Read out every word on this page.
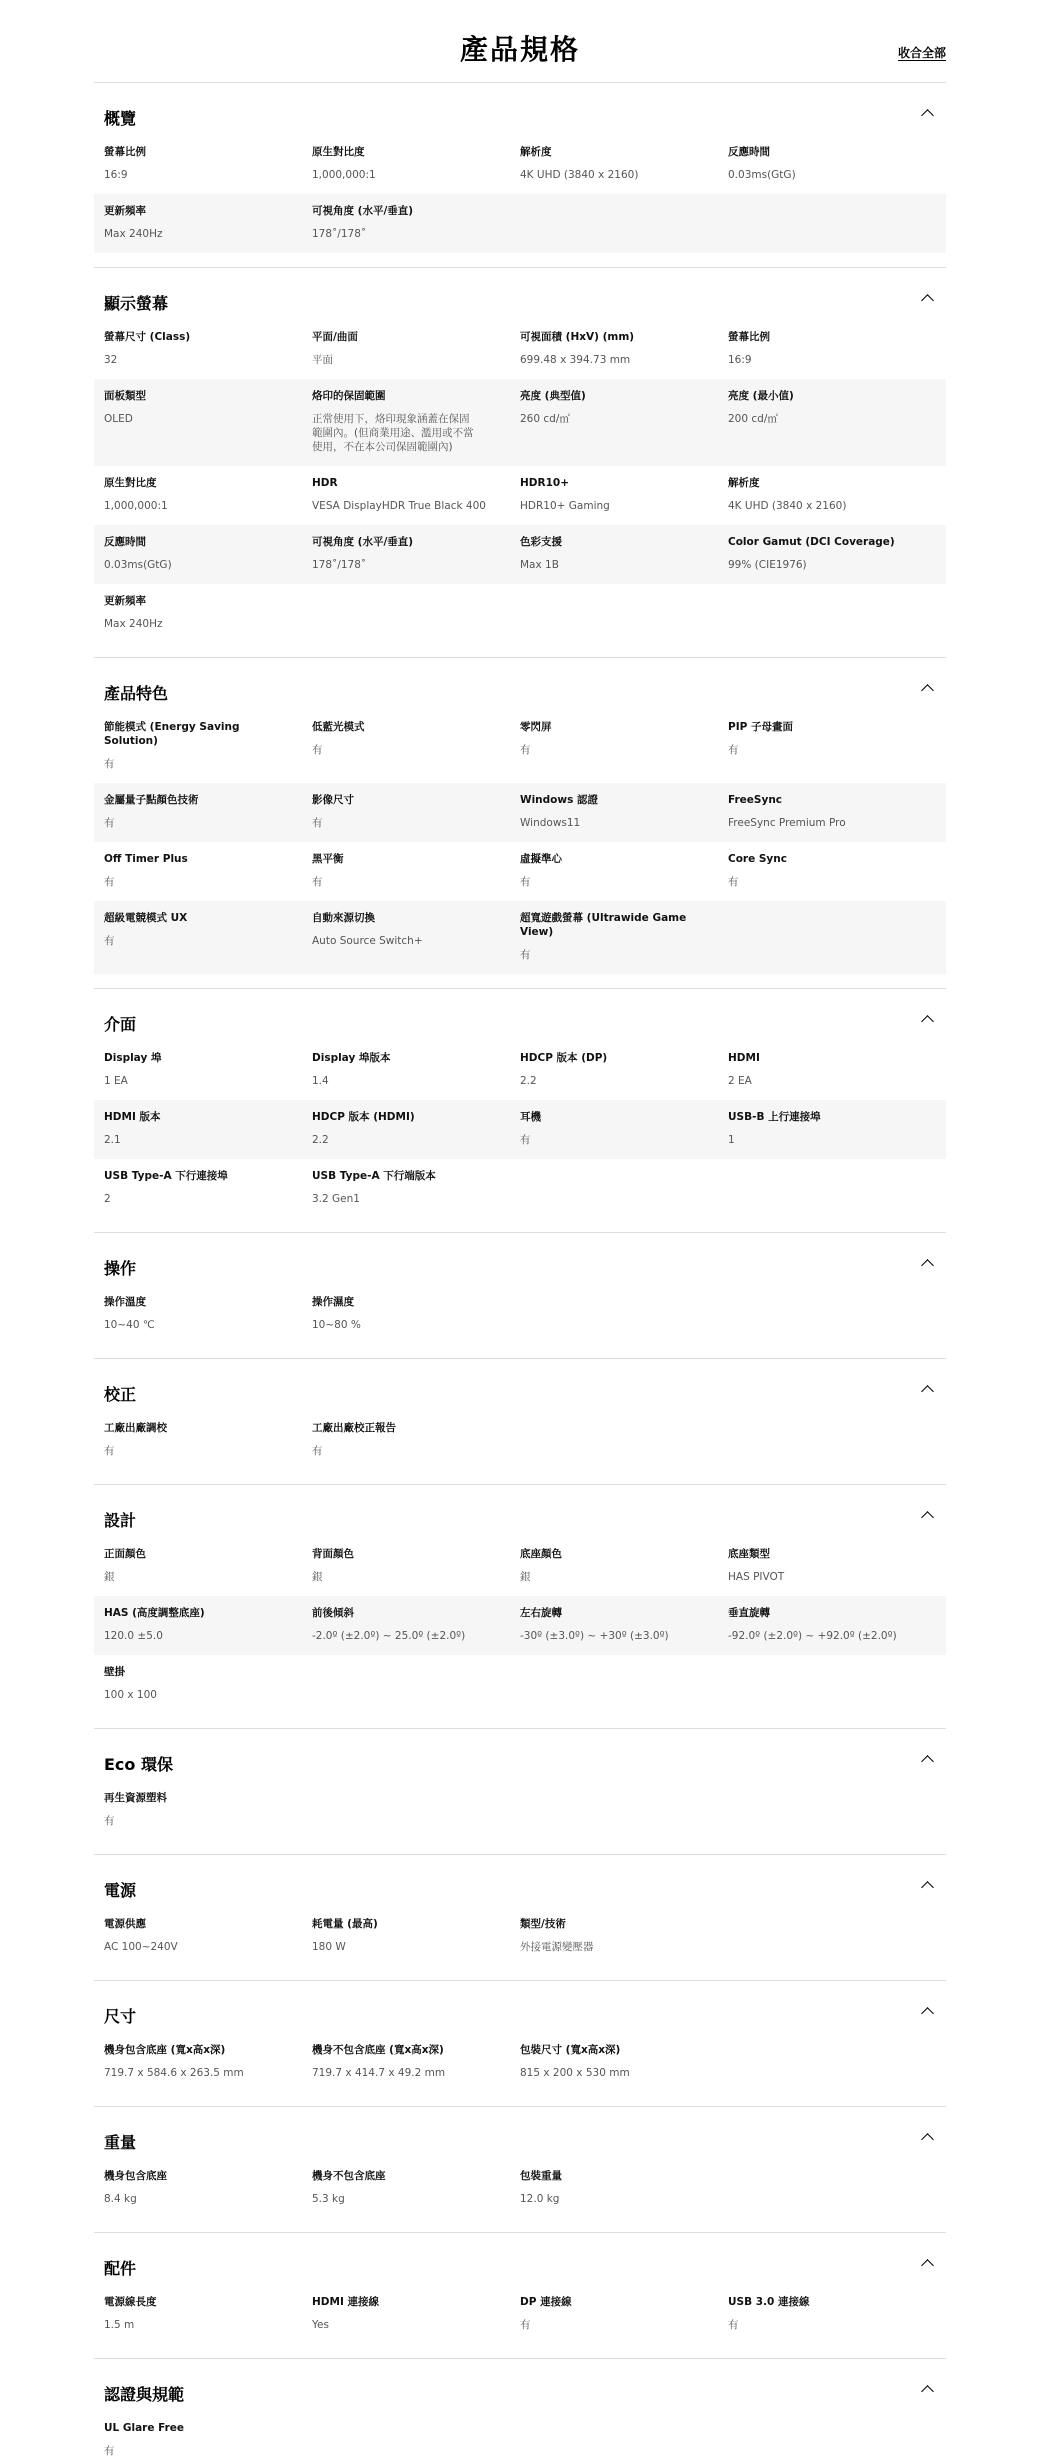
產品規格	收合全部
概覽
螢幕比例
16:9
原生對比度
1,000,000:1
解析度
4K UHD (3840 x 2160)
反應時間
0.03ms(GtG)
更新頻率
Max 240Hz
可視角度 (水平/垂直)
178˚/178˚
顯示螢幕
螢幕尺寸 (Class)
32
平面/曲面
平面
可視面積 (HxV) (mm)
699.48 x 394.73 mm
螢幕比例
16:9
面板類型
OLED
烙印的保固範圍
正常使用下，烙印現象涵蓋在保固
範圍內。(但商業用途、濫用或不當
使用，不在本公司保固範圍內)
亮度 (典型值)
260 cd/㎡
亮度 (最小值)
200 cd/㎡
原生對比度
1,000,000:1
HDR
VESA DisplayHDR True Black 400
HDR10+
HDR10+ Gaming
解析度
4K UHD (3840 x 2160)
反應時間
0.03ms(GtG)
可視角度 (水平/垂直)
178˚/178˚
色彩支援
Max 1B
Color Gamut (DCI Coverage)
99% (CIE1976)
更新頻率
Max 240Hz
產品特色
節能模式 (Energy Saving Solution)
有
低藍光模式
有
零閃屏
有
PIP 子母畫面
有
金屬量子點顏色技術
有
影像尺寸
有
Windows 認證
Windows11
FreeSync
FreeSync Premium Pro
Off Timer Plus
有
黑平衡
有
虛擬準心
有
Core Sync
有
超級電競模式 UX
有
自動來源切換
Auto Source Switch+
超寬遊戲螢幕 (Ultrawide Game View)
有
介面
Display 埠
1 EA
Display 埠版本
1.4
HDCP 版本 (DP)
2.2
HDMI
2 EA
HDMI 版本
2.1
HDCP 版本 (HDMI)
2.2
耳機
有
USB-B 上行連接埠
1
USB Type-A 下行連接埠
2
USB Type-A 下行端版本
3.2 Gen1
操作
操作溫度
10~40 ℃
操作濕度
10~80 %
校正
工廠出廠調校
有
工廠出廠校正報告
有
設計
正面顏色
銀
背面顏色
銀
底座顏色
銀
底座類型
HAS PIVOT
HAS (高度調整底座)
120.0 ±5.0
前後傾斜
-2.0º (±2.0º) ~ 25.0º (±2.0º)
左右旋轉
-30º (±3.0º) ~ +30º (±3.0º)
垂直旋轉
-92.0º (±2.0º) ~ +92.0º (±2.0º)
壁掛
100 x 100
Eco 環保
再生資源塑料
有
電源
電源供應
AC 100~240V
耗電量 (最高)
180 W
類型/技術
外接電源變壓器
尺寸
機身包含底座 (寬x高x深)
719.7 x 584.6 x 263.5 mm
機身不包含底座 (寬x高x深)
719.7 x 414.7 x 49.2 mm
包裝尺寸 (寬x高x深)
815 x 200 x 530 mm
重量
機身包含底座
8.4 kg
機身不包含底座
5.3 kg
包裝重量
12.0 kg
配件
電源線長度
1.5 m
HDMI 連接線
Yes
DP 連接線
有
USB 3.0 連接線
有
認證與規範
UL Glare Free
有
